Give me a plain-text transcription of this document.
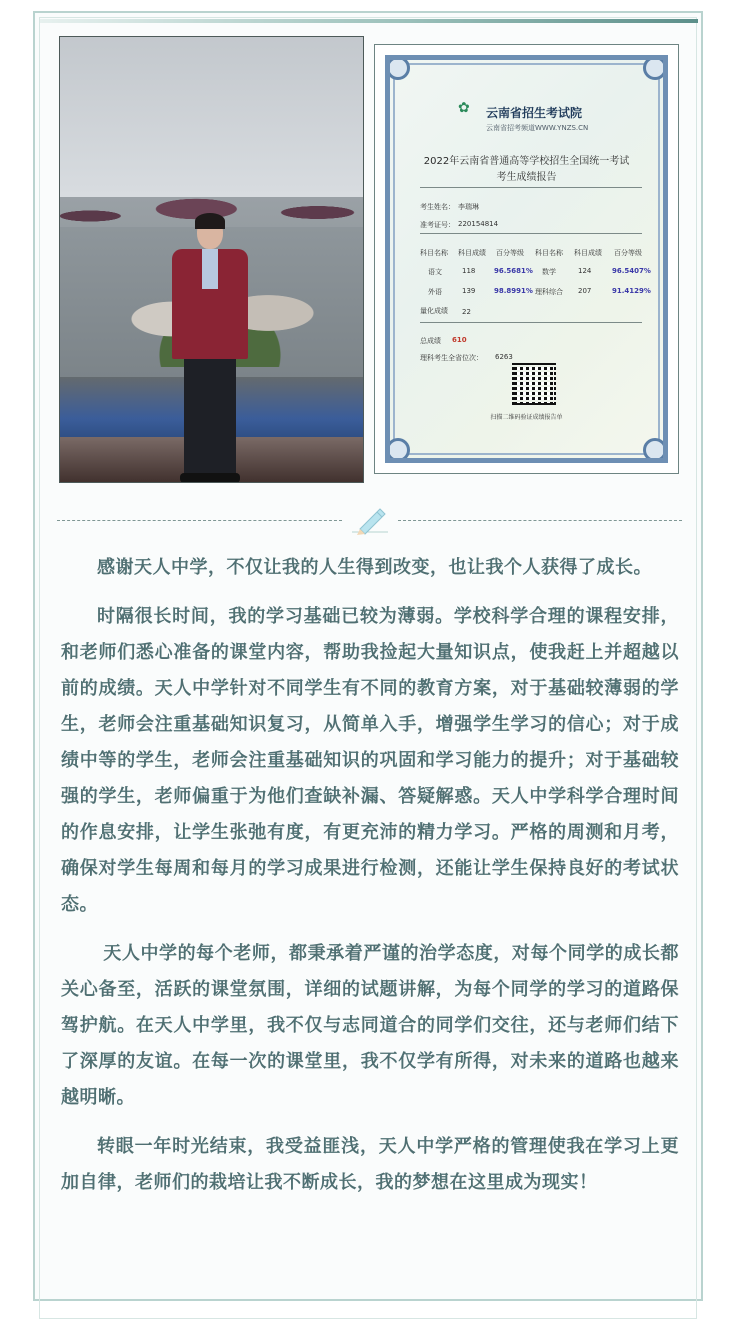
✿ 云南省招生考试院
云南省招考频道WWW.YNZS.CN
2022年云南省普通高等学校招生全国统一考试
考生成绩报告
考生姓名： 李瑞琳
准考证号： 220154814
科目名称 科目成绩 百分等级 科目名称 科目成绩 百分等级
语文	118	96.5681% 数学	124	96.5407%
外语	139	98.8991% 理科综合 207	91.4129%
量化成绩 22
总成绩 610
理科考生全省位次： 6263
扫描二维码验证成绩报告单

感谢天人中学，不仅让我的人生得到改变，也让我个人获得了成长。

时隔很长时间，我的学习基础已较为薄弱。学校科学合理的课程安排，和老师们悉心准备的课堂内容，帮助我捡起大量知识点，使我赶上并超越以前的成绩。天人中学针对不同学生有不同的教育方案，对于基础较薄弱的学生，老师会注重基础知识复习，从简单入手，增强学生学习的信心；对于成绩中等的学生，老师会注重基础知识的巩固和学习能力的提升；对于基础较强的学生，老师偏重于为他们查缺补漏、答疑解惑。天人中学科学合理时间的作息安排，让学生张弛有度，有更充沛的精力学习。严格的周测和月考，确保对学生每周和每月的学习成果进行检测，还能让学生保持良好的考试状态。

天人中学的每个老师，都秉承着严谨的治学态度，对每个同学的成长都关心备至，活跃的课堂氛围，详细的试题讲解，为每个同学的学习的道路保驾护航。在天人中学里，我不仅与志同道合的同学们交往，还与老师们结下了深厚的友谊。在每一次的课堂里，我不仅学有所得，对未来的道路也越来越明晰。

转眼一年时光结束，我受益匪浅，天人中学严格的管理使我在学习上更加自律，老师们的栽培让我不断成长，我的梦想在这里成为现实！
